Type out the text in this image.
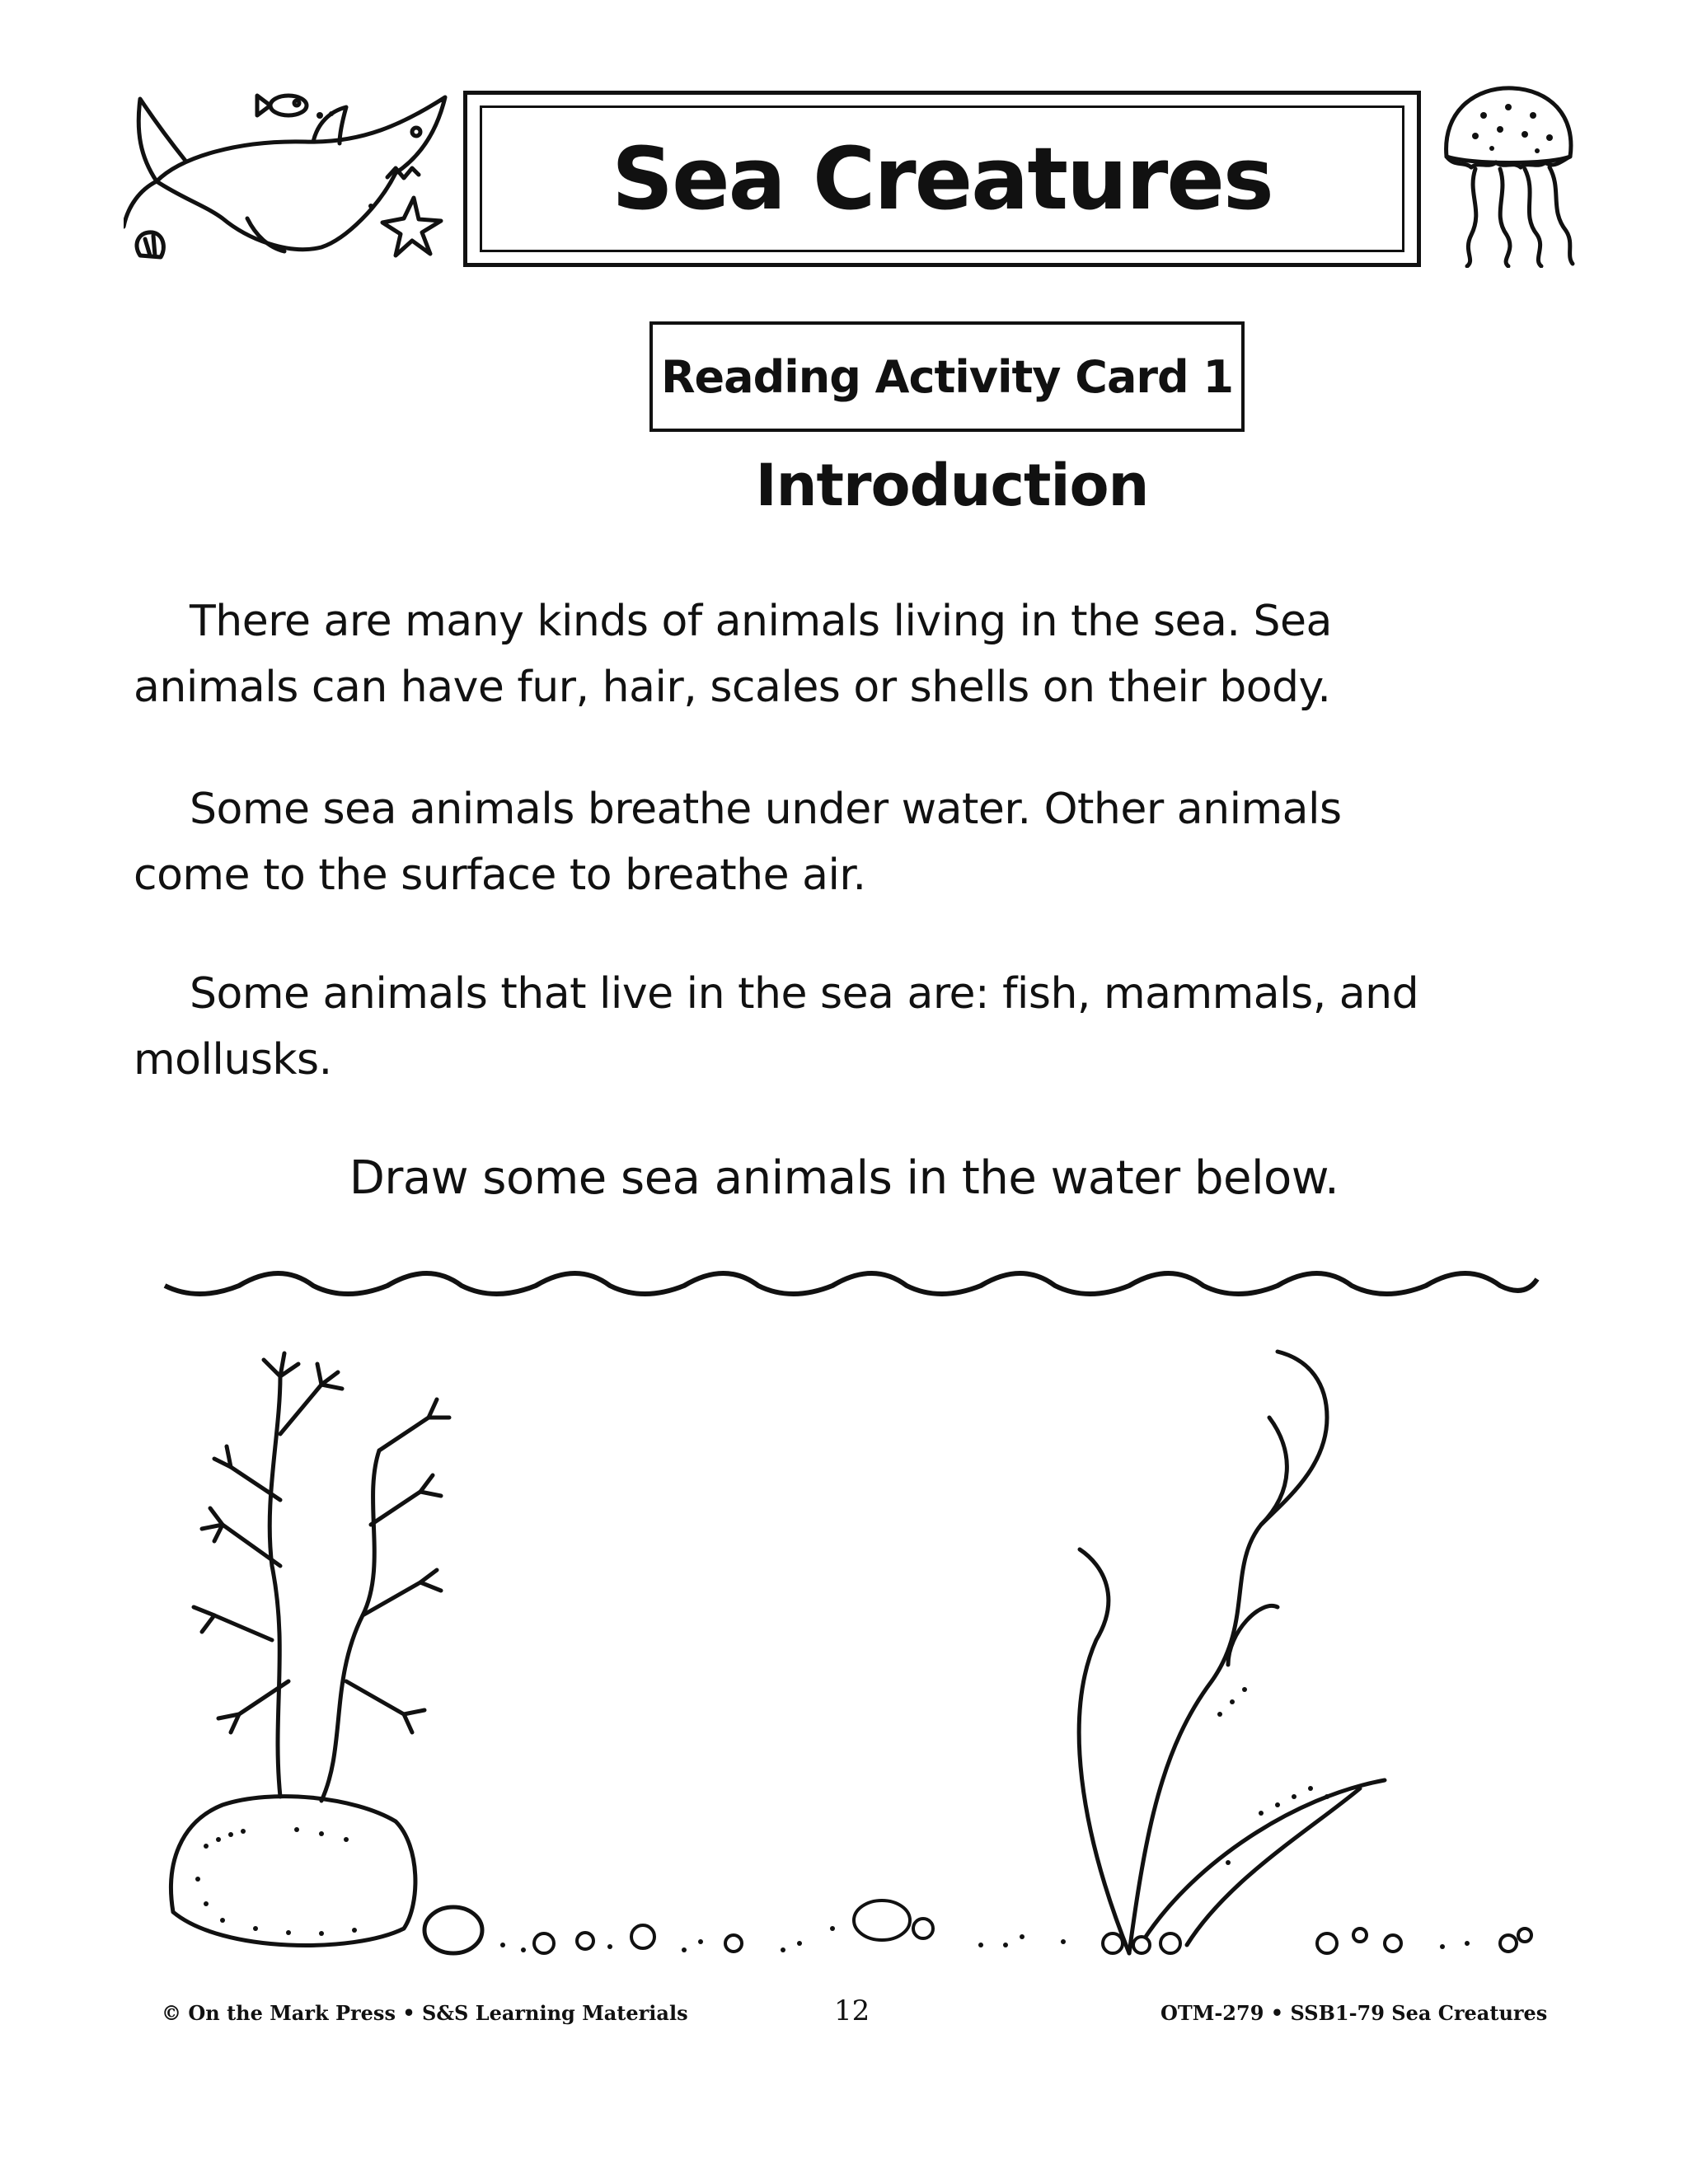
Sea Creatures
Reading Activity Card 1
Introduction
There are many kinds of animals living in the sea. Sea
animals can have fur, hair, scales or shells on their body.
Some sea animals breathe under water. Other animals
come to the surface to breathe air.
Some animals that live in the sea are: fish, mammals, and
mollusks.
Draw some sea animals in the water below.
© On the Mark Press • S&S Learning Materials	12	OTM-279 • SSB1-79 Sea Creatures
